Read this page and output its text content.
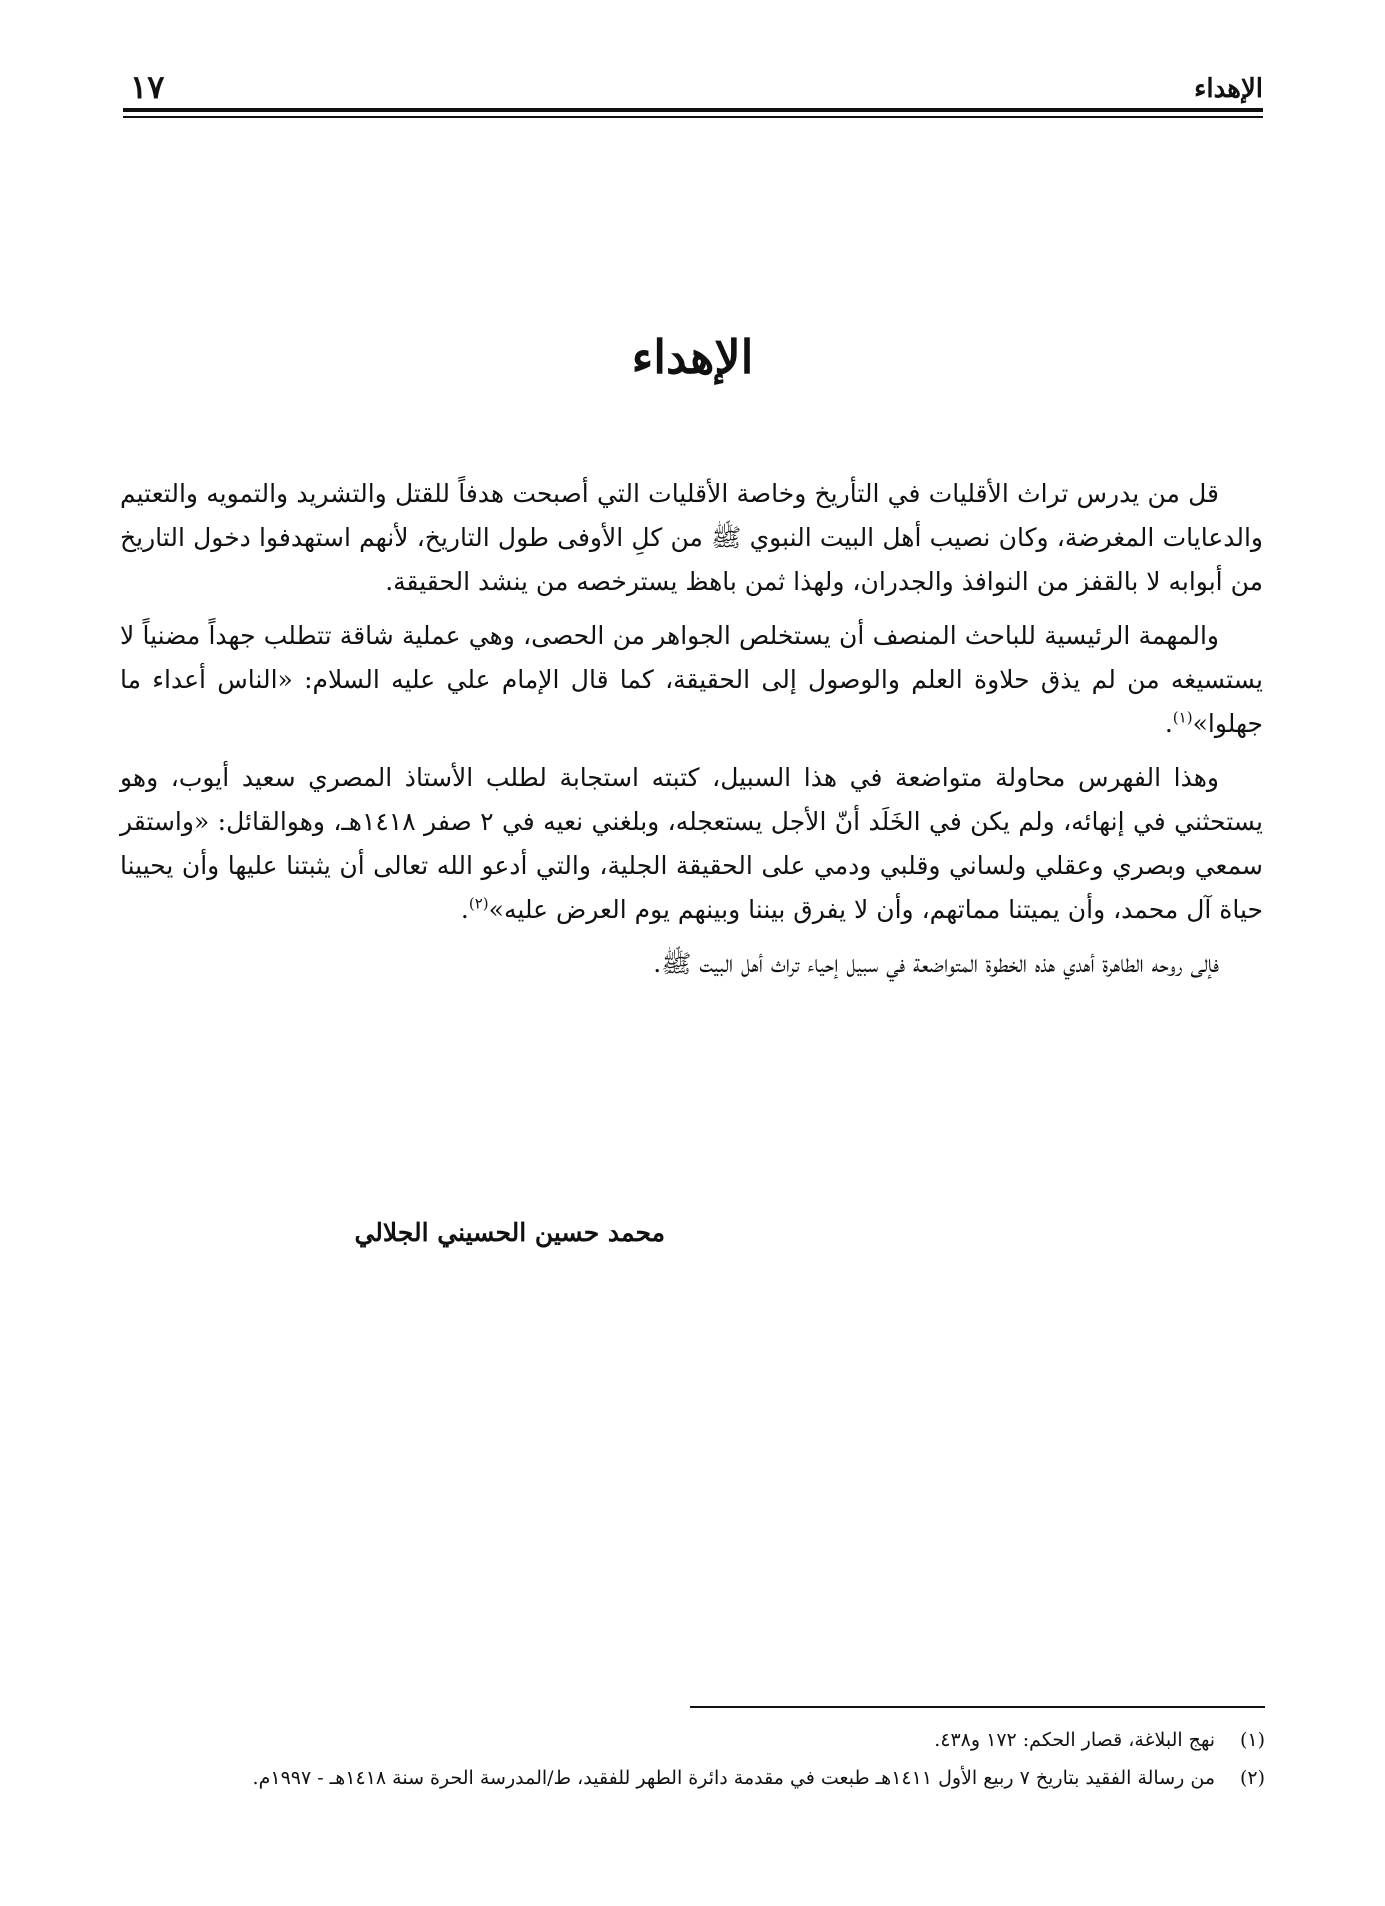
الإهداء
١٧
الإهداء

قل من يدرس تراث الأقليات في التأريخ وخاصة الأقليات التي أصبحت هدفاً للقتل والتشريد والتمويه والتعتيم والدعايات المغرضة، وكان نصيب أهل البيت النبوي ﷺ من كلِ الأوفى طول التاريخ، لأنهم استهدفوا دخول التاريخ من أبوابه لا بالقفز من النوافذ والجدران، ولهذا ثمن باهظ يسترخصه من ينشد الحقيقة.

والمهمة الرئيسية للباحث المنصف أن يستخلص الجواهر من الحصى، وهي عملية شاقة تتطلب جهداً مضنياً لا يستسيغه من لم يذق حلاوة العلم والوصول إلى الحقيقة، كما قال الإمام علي عليه السلام: «الناس أعداء ما جهلوا»$^{(١)}$.

وهذا الفهرس محاولة متواضعة في هذا السبيل، كتبته استجابة لطلب الأستاذ المصري سعيد أيوب، وهو يستحثني في إنهائه، ولم يكن في الخَلَد أنّ الأجل يستعجله، وبلغني نعيه في ٢ صفر ١٤١٨هـ، وهوالقائل: «واستقر سمعي وبصري وعقلي ولساني وقلبي ودمي على الحقيقة الجلية، والتي أدعو الله تعالى أن يثبتنا عليها وأن يحيينا حياة آل محمد، وأن يميتنا مماتهم، وأن لا يفرق بيننا وبينهم يوم العرض عليه»$^{(٢)}$.

فإلى روحه الطاهرة أهدي هذه الخطوة المتواضعة في سبيل إحياء تراث أهل البيت ﷺ.

محمد حسين الحسيني الجلالي
(١)
نهج البلاغة، قصار الحكم: ١٧٢ و٤٣٨.
(٢)
من رسالة الفقيد بتاريخ ٧ ربيع الأول ١٤١١هـ طبعت في مقدمة دائرة الطهر للفقيد، ط/المدرسة الحرة سنة ١٤١٨هـ - ١٩٩٧م.
